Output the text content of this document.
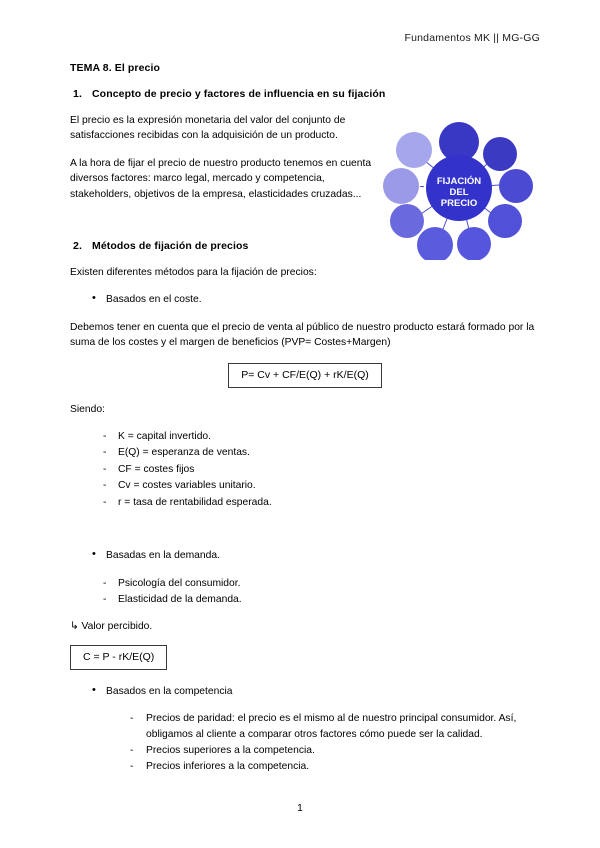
Fundamentos MK || MG-GG
FIJACIÓN
DEL
PRECIO
TEMA 8. El precio
1. Concepto de precio y factores de influencia en su fijación

El precio es la expresión monetaria del valor del conjunto de satisfacciones recibidas con la adquisición de un producto.

A la hora de fijar el precio de nuestro producto tenemos en cuenta diversos factores: marco legal, mercado y competencia, stakeholders, objetivos de la empresa, elasticidades cruzadas...

2. Métodos de fijación de precios

Existen diferentes métodos para la fijación de precios:

• Basados en el coste.

Debemos tener en cuenta que el precio de venta al público de nuestro producto estará formado por la suma de los costes y el margen de beneficios (PVP= Costes+Margen)

P= Cv + CF/E(Q) + rK/E(Q)

Siendo:

- K = capital invertido.
- E(Q) = esperanza de ventas.
- CF = costes fijos
- Cv = costes variables unitario.
- r = tasa de rentabilidad esperada.
• Basadas en la demanda.
- Psicología del consumidor.
- Elasticidad de la demanda.

↳ Valor percibido.

C = P - rK/E(Q)
• Basados en la competencia
- Precios de paridad: el precio es el mismo al de nuestro principal consumidor. Así, obligamos al cliente a comparar otros factores cómo puede ser la calidad.
- Precios superiores a la competencia.
- Precios inferiores a la competencia.
1
